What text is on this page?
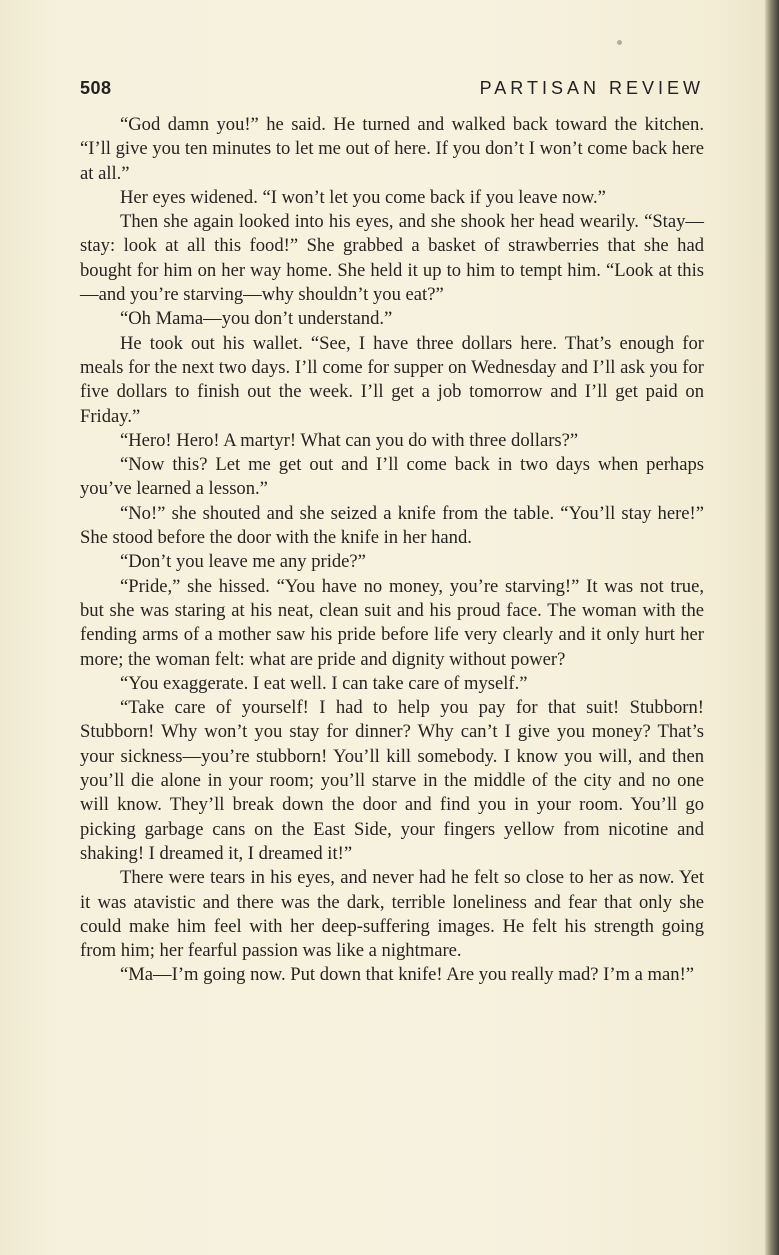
508	PARTISAN REVIEW

“God damn you!” he said. He turned and walked back toward the kitchen. “I’ll give you ten minutes to let me out of here. If you don’t I won’t come back here at all.”

Her eyes widened. “I won’t let you come back if you leave now.”

Then she again looked into his eyes, and she shook her head wearily. “Stay—stay: look at all this food!” She grabbed a basket of strawberries that she had bought for him on her way home. She held it up to him to tempt him. “Look at this—and you’re starving—why shouldn’t you eat?”

“Oh Mama—you don’t understand.”

He took out his wallet. “See, I have three dollars here. That’s enough for meals for the next two days. I’ll come for supper on Wednesday and I’ll ask you for five dollars to finish out the week. I’ll get a job tomorrow and I’ll get paid on Friday.”

“Hero! Hero! A martyr! What can you do with three dollars?”

“Now this? Let me get out and I’ll come back in two days when perhaps you’ve learned a lesson.”

“No!” she shouted and she seized a knife from the table. “You’ll stay here!” She stood before the door with the knife in her hand.

“Don’t you leave me any pride?”

“Pride,” she hissed. “You have no money, you’re starving!” It was not true, but she was staring at his neat, clean suit and his proud face. The woman with the fending arms of a mother saw his pride before life very clearly and it only hurt her more; the woman felt: what are pride and dignity without power?

“You exaggerate. I eat well. I can take care of myself.”

“Take care of yourself! I had to help you pay for that suit! Stubborn! Stubborn! Why won’t you stay for dinner? Why can’t I give you money? That’s your sickness—you’re stubborn! You’ll kill somebody. I know you will, and then you’ll die alone in your room; you’ll starve in the middle of the city and no one will know. They’ll break down the door and find you in your room. You’ll go picking garbage cans on the East Side, your fingers yellow from nicotine and shaking! I dreamed it, I dreamed it!”

There were tears in his eyes, and never had he felt so close to her as now. Yet it was atavistic and there was the dark, terrible loneliness and fear that only she could make him feel with her deep-suffering images. He felt his strength going from him; her fearful passion was like a nightmare.

“Ma—I’m going now. Put down that knife! Are you really mad? I’m a man!”
